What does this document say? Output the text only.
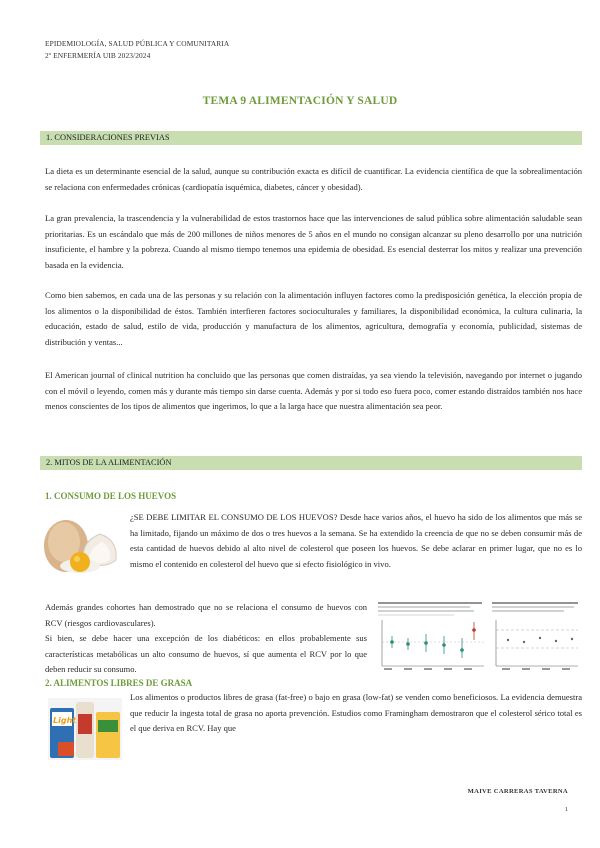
EPIDEMIOLOGÍA, SALUD PÚBLICA Y COMUNITARIA
2º ENFERMERÍA UIB 2023/2024
TEMA 9 ALIMENTACIÓN Y SALUD
1. CONSIDERACIONES PREVIAS
La dieta es un determinante esencial de la salud, aunque su contribución exacta es difícil de cuantificar. La evidencia científica de que la sobrealimentación se relaciona con enfermedades crónicas (cardiopatía isquémica, diabetes, cáncer y obesidad).
La gran prevalencia, la trascendencia y la vulnerabilidad de estos trastornos hace que las intervenciones de salud pública sobre alimentación saludable sean prioritarias. Es un escándalo que más de 200 millones de niños menores de 5 años en el mundo no consigan alcanzar su pleno desarrollo por una nutrición insuficiente, el hambre y la pobreza. Cuando al mismo tiempo tenemos una epidemia de obesidad. Es esencial desterrar los mitos y realizar una prevención basada en la evidencia.
Como bien sabemos, en cada una de las personas y su relación con la alimentación influyen factores como la predisposición genética, la elección propia de los alimentos o la disponibilidad de éstos. También interfieren factores socioculturales y familiares, la disponibilidad económica, la cultura culinaria, la educación, estado de salud, estilo de vida, producción y manufactura de los alimentos, agricultura, demografía y economía, publicidad, sistemas de distribución y ventas...
El American journal of clinical nutrition ha concluido que las personas que comen distraídas, ya sea viendo la televisión, navegando por internet o jugando con el móvil o leyendo, comen más y durante más tiempo sin darse cuenta. Además y por si todo eso fuera poco, comer estando distraídos también nos hace menos conscientes de los tipos de alimentos que ingerimos, lo que a la larga hace que nuestra alimentación sea peor.
2. MITOS DE LA ALIMENTACIÓN
1. CONSUMO DE LOS HUEVOS
¿SE DEBE LIMITAR EL CONSUMO DE LOS HUEVOS? Desde hace varios años, el huevo ha sido de los alimentos que más se ha limitado, fijando un máximo de dos o tres huevos a la semana. Se ha extendido la creencia de que no se deben consumir más de esta cantidad de huevos debido al alto nivel de colesterol que poseen los huevos. Se debe aclarar en primer lugar, que no es lo mismo el contenido en colesterol del huevo que si efecto fisiológico in vivo.
Además grandes cohortes han demostrado que no se relaciona el consumo de huevos con RCV (riesgos cardiovasculares).
Si bien, se debe hacer una excepción de los diabéticos: en ellos probablemente sus características metabólicas un alto consumo de huevos, sí que aumenta el RCV por lo que deben reducir su consumo.
2. ALIMENTOS LIBRES DE GRASA
Light
Los alimentos o productos libres de grasa (fat-free) o bajo en grasa (low-fat) se venden como beneficiosos. La evidencia demuestra que reducir la ingesta total de grasa no aporta prevención. Estudios como Framingham demostraron que el colesterol sérico total es el que deriva en RCV. Hay que
MAIVE CARRERAS TAVERNA
1
